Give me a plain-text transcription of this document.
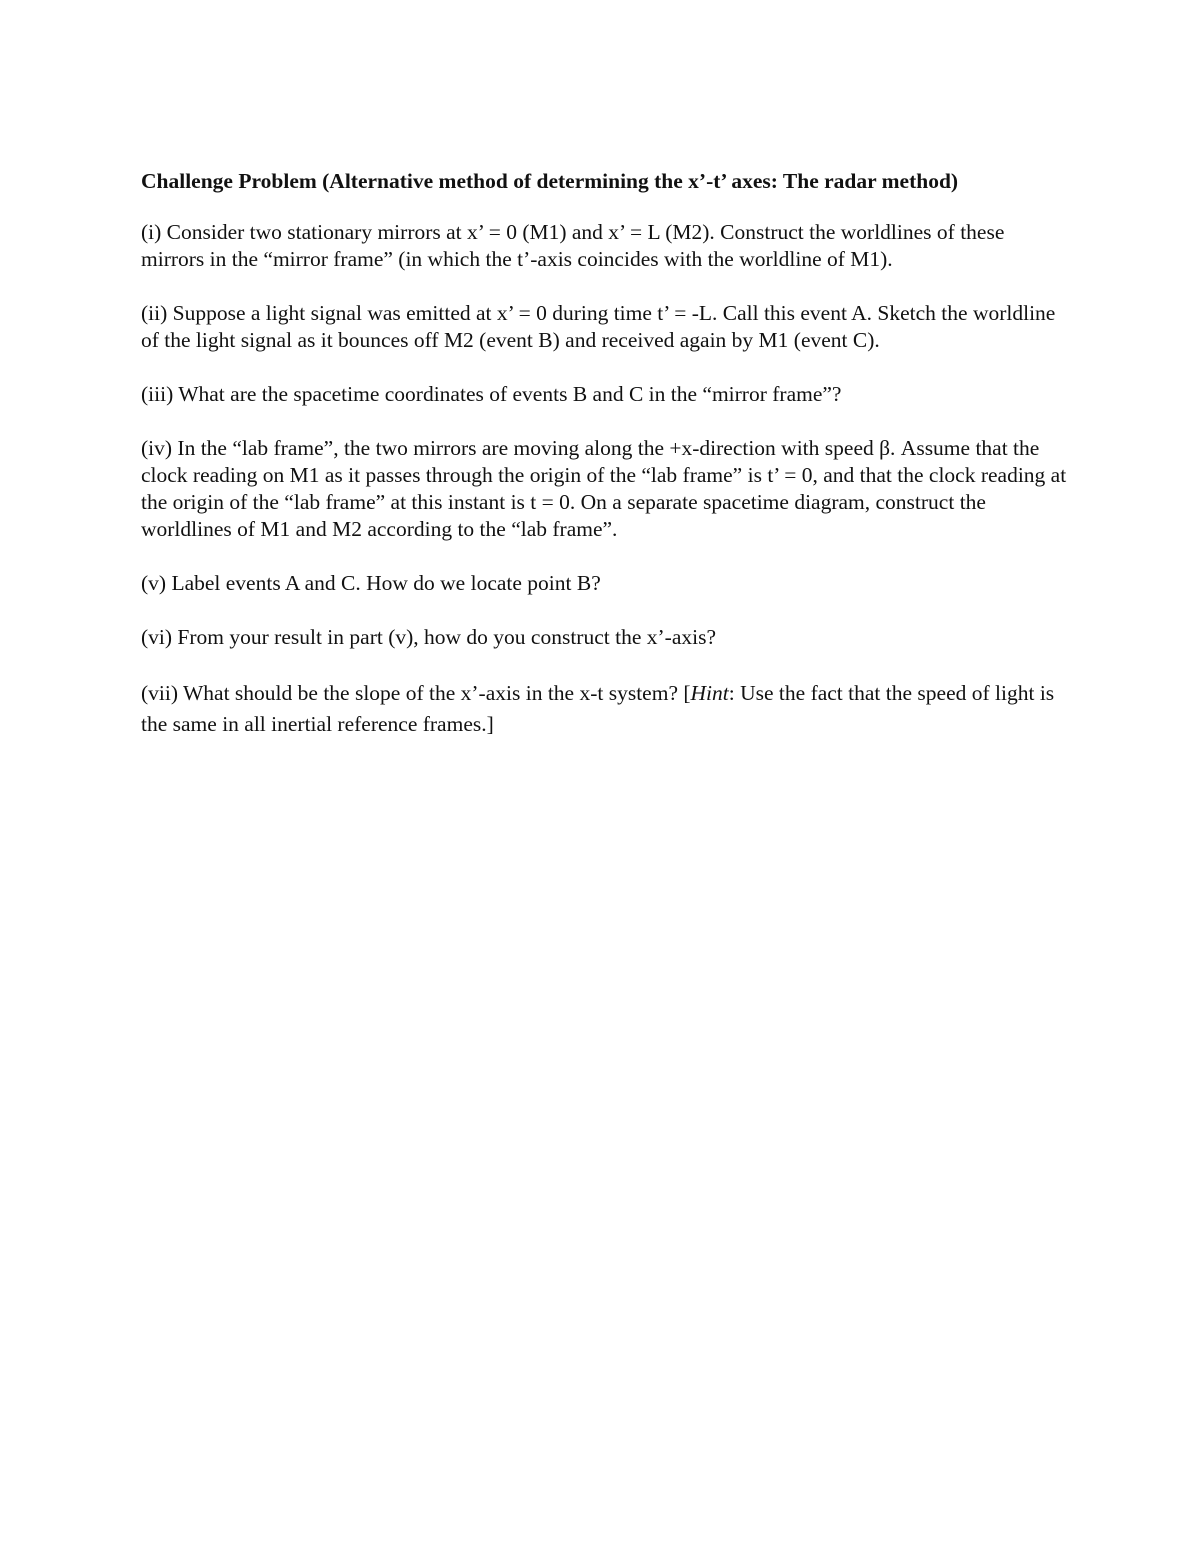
Challenge Problem (Alternative method of determining the x’-t’ axes: The radar method)

(i) Consider two stationary mirrors at x’ = 0 (M1) and x’ = L (M2). Construct the worldlines of these mirrors in the “mirror frame” (in which the t’-axis coincides with the worldline of M1).

(ii) Suppose a light signal was emitted at x’ = 0 during time t’ = -L. Call this event A. Sketch the worldline of the light signal as it bounces off M2 (event B) and received again by M1 (event C).

(iii) What are the spacetime coordinates of events B and C in the “mirror frame”?

(iv) In the “lab frame”, the two mirrors are moving along the +x-direction with speed β. Assume that the clock reading on M1 as it passes through the origin of the “lab frame” is t’ = 0, and that the clock reading at the origin of the “lab frame” at this instant is t = 0. On a separate spacetime diagram, construct the worldlines of M1 and M2 according to the “lab frame”.

(v) Label events A and C. How do we locate point B?

(vi) From your result in part (v), how do you construct the x’-axis?

(vii) What should be the slope of the x’-axis in the x-t system? [Hint: Use the fact that the speed of light is the same in all inertial reference frames.]
